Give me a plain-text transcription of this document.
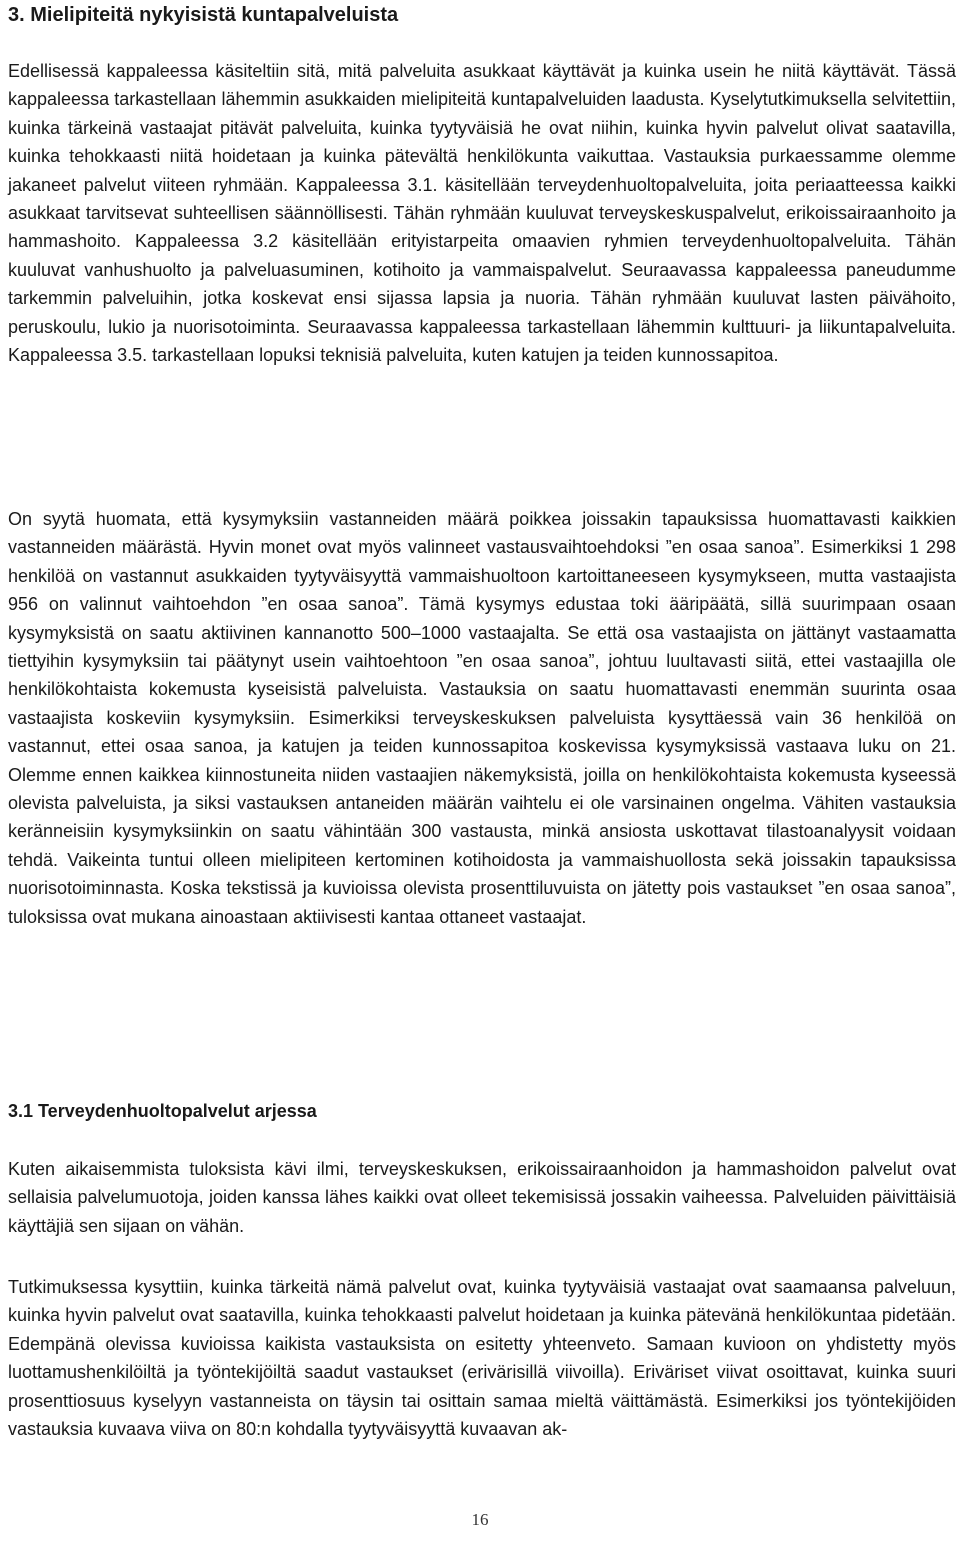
3. Mielipiteitä nykyisistä kuntapalveluista

Edellisessä kappaleessa käsiteltiin sitä, mitä palveluita asukkaat käyttävät ja kuinka usein he niitä käyttävät. Tässä kappaleessa tarkastellaan lähemmin asukkaiden mielipiteitä kuntapalveluiden laadusta. Kyselytutkimuksella selvitettiin, kuinka tärkeinä vastaajat pitävät palveluita, kuinka tyytyväisiä he ovat niihin, kuinka hyvin palvelut olivat saatavilla, kuinka tehokkaasti niitä hoidetaan ja kuinka pätevältä henkilökunta vaikuttaa. Vastauksia purkaessamme olemme jakaneet palvelut viiteen ryhmään. Kappaleessa 3.1. käsitellään terveydenhuoltopalveluita, joita periaatteessa kaikki asukkaat tarvitsevat suhteellisen säännöllisesti. Tähän ryhmään kuuluvat terveyskeskuspalvelut, erikoissairaanhoito ja hammashoito. Kappaleessa 3.2 käsitellään erityistarpeita omaavien ryhmien terveydenhuoltopalveluita. Tähän kuuluvat vanhushuolto ja palveluasuminen, kotihoito ja vammaispalvelut. Seuraavassa kappaleessa paneudumme tarkemmin palveluihin, jotka koskevat ensi sijassa lapsia ja nuoria. Tähän ryhmään kuuluvat lasten päivähoito, peruskoulu, lukio ja nuorisotoiminta. Seuraavassa kappaleessa tarkastellaan lähemmin kulttuuri- ja liikuntapalveluita. Kappaleessa 3.5. tarkastellaan lopuksi teknisiä palveluita, kuten katujen ja teiden kunnossapitoa.

On syytä huomata, että kysymyksiin vastanneiden määrä poikkea joissakin tapauksissa huomattavasti kaikkien vastanneiden määrästä. Hyvin monet ovat myös valinneet vastausvaihtoehdoksi ”en osaa sanoa”. Esimerkiksi 1 298 henkilöä on vastannut asukkaiden tyytyväisyyttä vammaishuoltoon kartoittaneeseen kysymykseen, mutta vastaajista 956 on valinnut vaihtoehdon ”en osaa sanoa”. Tämä kysymys edustaa toki ääripäätä, sillä suurimpaan osaan kysymyksistä on saatu aktiivinen kannanotto 500–1000 vastaajalta. Se että osa vastaajista on jättänyt vastaamatta tiettyihin kysymyksiin tai päätynyt usein vaihtoehtoon ”en osaa sanoa”, johtuu luultavasti siitä, ettei vastaajilla ole henkilökohtaista kokemusta kyseisistä palveluista. Vastauksia on saatu huomattavasti enemmän suurinta osaa vastaajista koskeviin kysymyksiin. Esimerkiksi terveyskeskuksen palveluista kysyttäessä vain 36 henkilöä on vastannut, ettei osaa sanoa, ja katujen ja teiden kunnossapitoa koskevissa kysymyksissä vastaava luku on 21. Olemme ennen kaikkea kiinnostuneita niiden vastaajien näkemyksistä, joilla on henkilökohtaista kokemusta kyseessä olevista palveluista, ja siksi vastauksen antaneiden määrän vaihtelu ei ole varsinainen ongelma. Vähiten vastauksia keränneisiin kysymyksiinkin on saatu vähintään 300 vastausta, minkä ansiosta uskottavat tilastoanalyysit voidaan tehdä. Vaikeinta tuntui olleen mielipiteen kertominen kotihoidosta ja vammaishuollosta sekä joissakin tapauksissa nuorisotoiminnasta. Koska tekstissä ja kuvioissa olevista prosenttiluvuista on jätetty pois vastaukset ”en osaa sanoa”, tuloksissa ovat mukana ainoastaan aktiivisesti kantaa ottaneet vastaajat.

3.1 Terveydenhuoltopalvelut arjessa

Kuten aikaisemmista tuloksista kävi ilmi, terveyskeskuksen, erikoissairaanhoidon ja hammashoidon palvelut ovat sellaisia palvelumuotoja, joiden kanssa lähes kaikki ovat olleet tekemisissä jossakin vaiheessa. Palveluiden päivittäisiä käyttäjiä sen sijaan on vähän.

Tutkimuksessa kysyttiin, kuinka tärkeitä nämä palvelut ovat, kuinka tyytyväisiä vastaajat ovat saamaansa palveluun, kuinka hyvin palvelut ovat saatavilla, kuinka tehokkaasti palvelut hoidetaan ja kuinka pätevänä henkilökuntaa pidetään. Edempänä olevissa kuvioissa kaikista vastauksista on esitetty yhteenveto. Samaan kuvioon on yhdistetty myös luottamushenkilöiltä ja työntekijöiltä saadut vastaukset (erivärisillä viivoilla). Eriväriset viivat osoittavat, kuinka suuri prosenttiosuus kyselyyn vastanneista on täysin tai osittain samaa mieltä väittämästä. Esimerkiksi jos työntekijöiden vastauksia kuvaava viiva on 80:n kohdalla tyytyväisyyttä kuvaavan ak-

16
